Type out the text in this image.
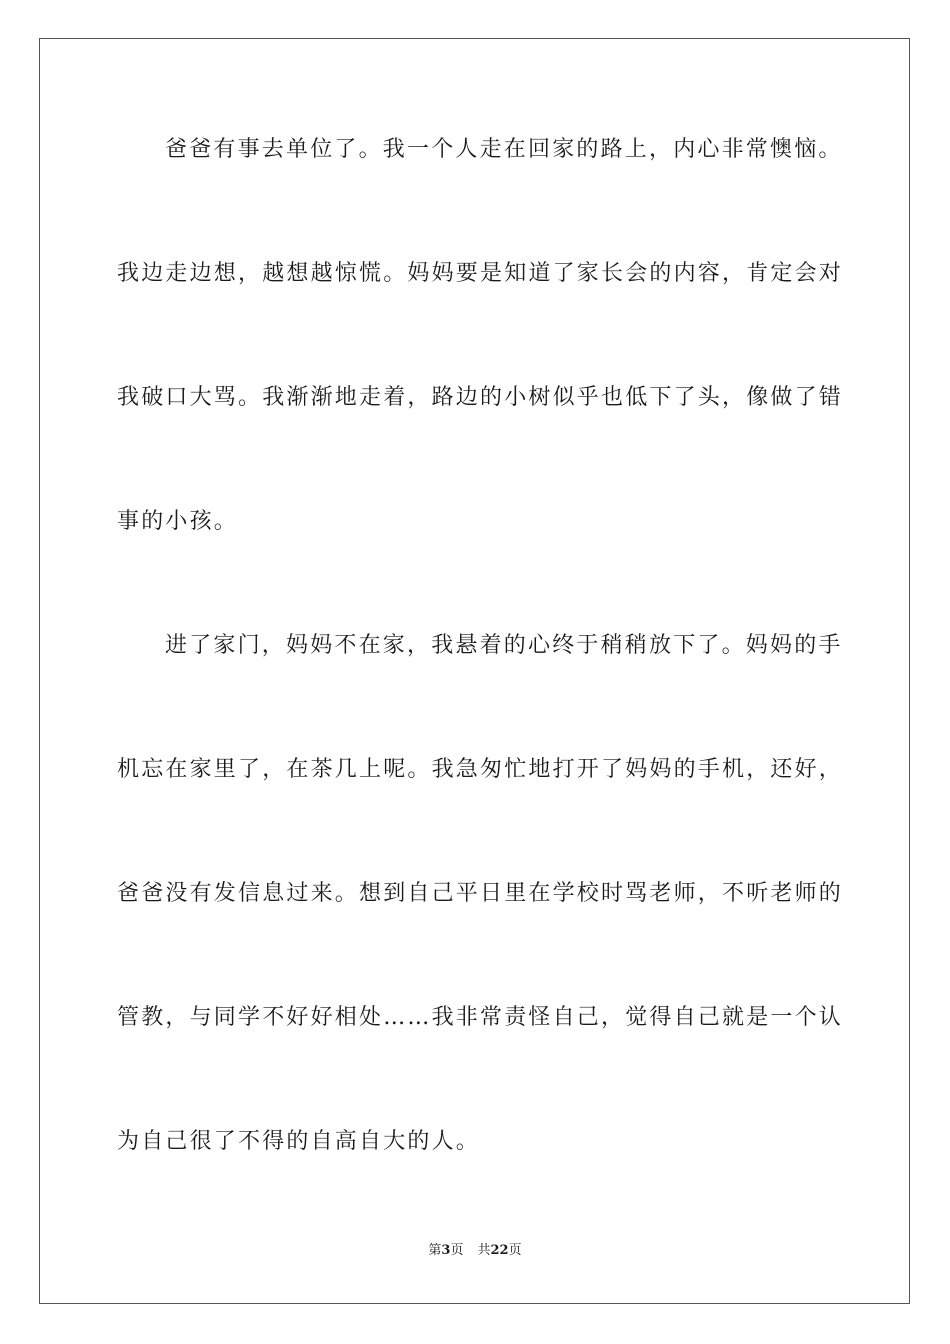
爸爸有事去单位了。我一个人走在回家的路上，内心非常懊恼。
我边走边想，越想越惊慌。妈妈要是知道了家长会的内容，肯定会对
我破口大骂。我渐渐地走着，路边的小树似乎也低下了头，像做了错
事的小孩。
进了家门，妈妈不在家，我悬着的心终于稍稍放下了。妈妈的手
机忘在家里了，在茶几上呢。我急匆忙地打开了妈妈的手机，还好，
爸爸没有发信息过来。想到自己平日里在学校时骂老师，不听老师的
管教，与同学不好好相处……我非常责怪自己，觉得自己就是一个认
为自己很了不得的自高自大的人。
第3页 共22页
